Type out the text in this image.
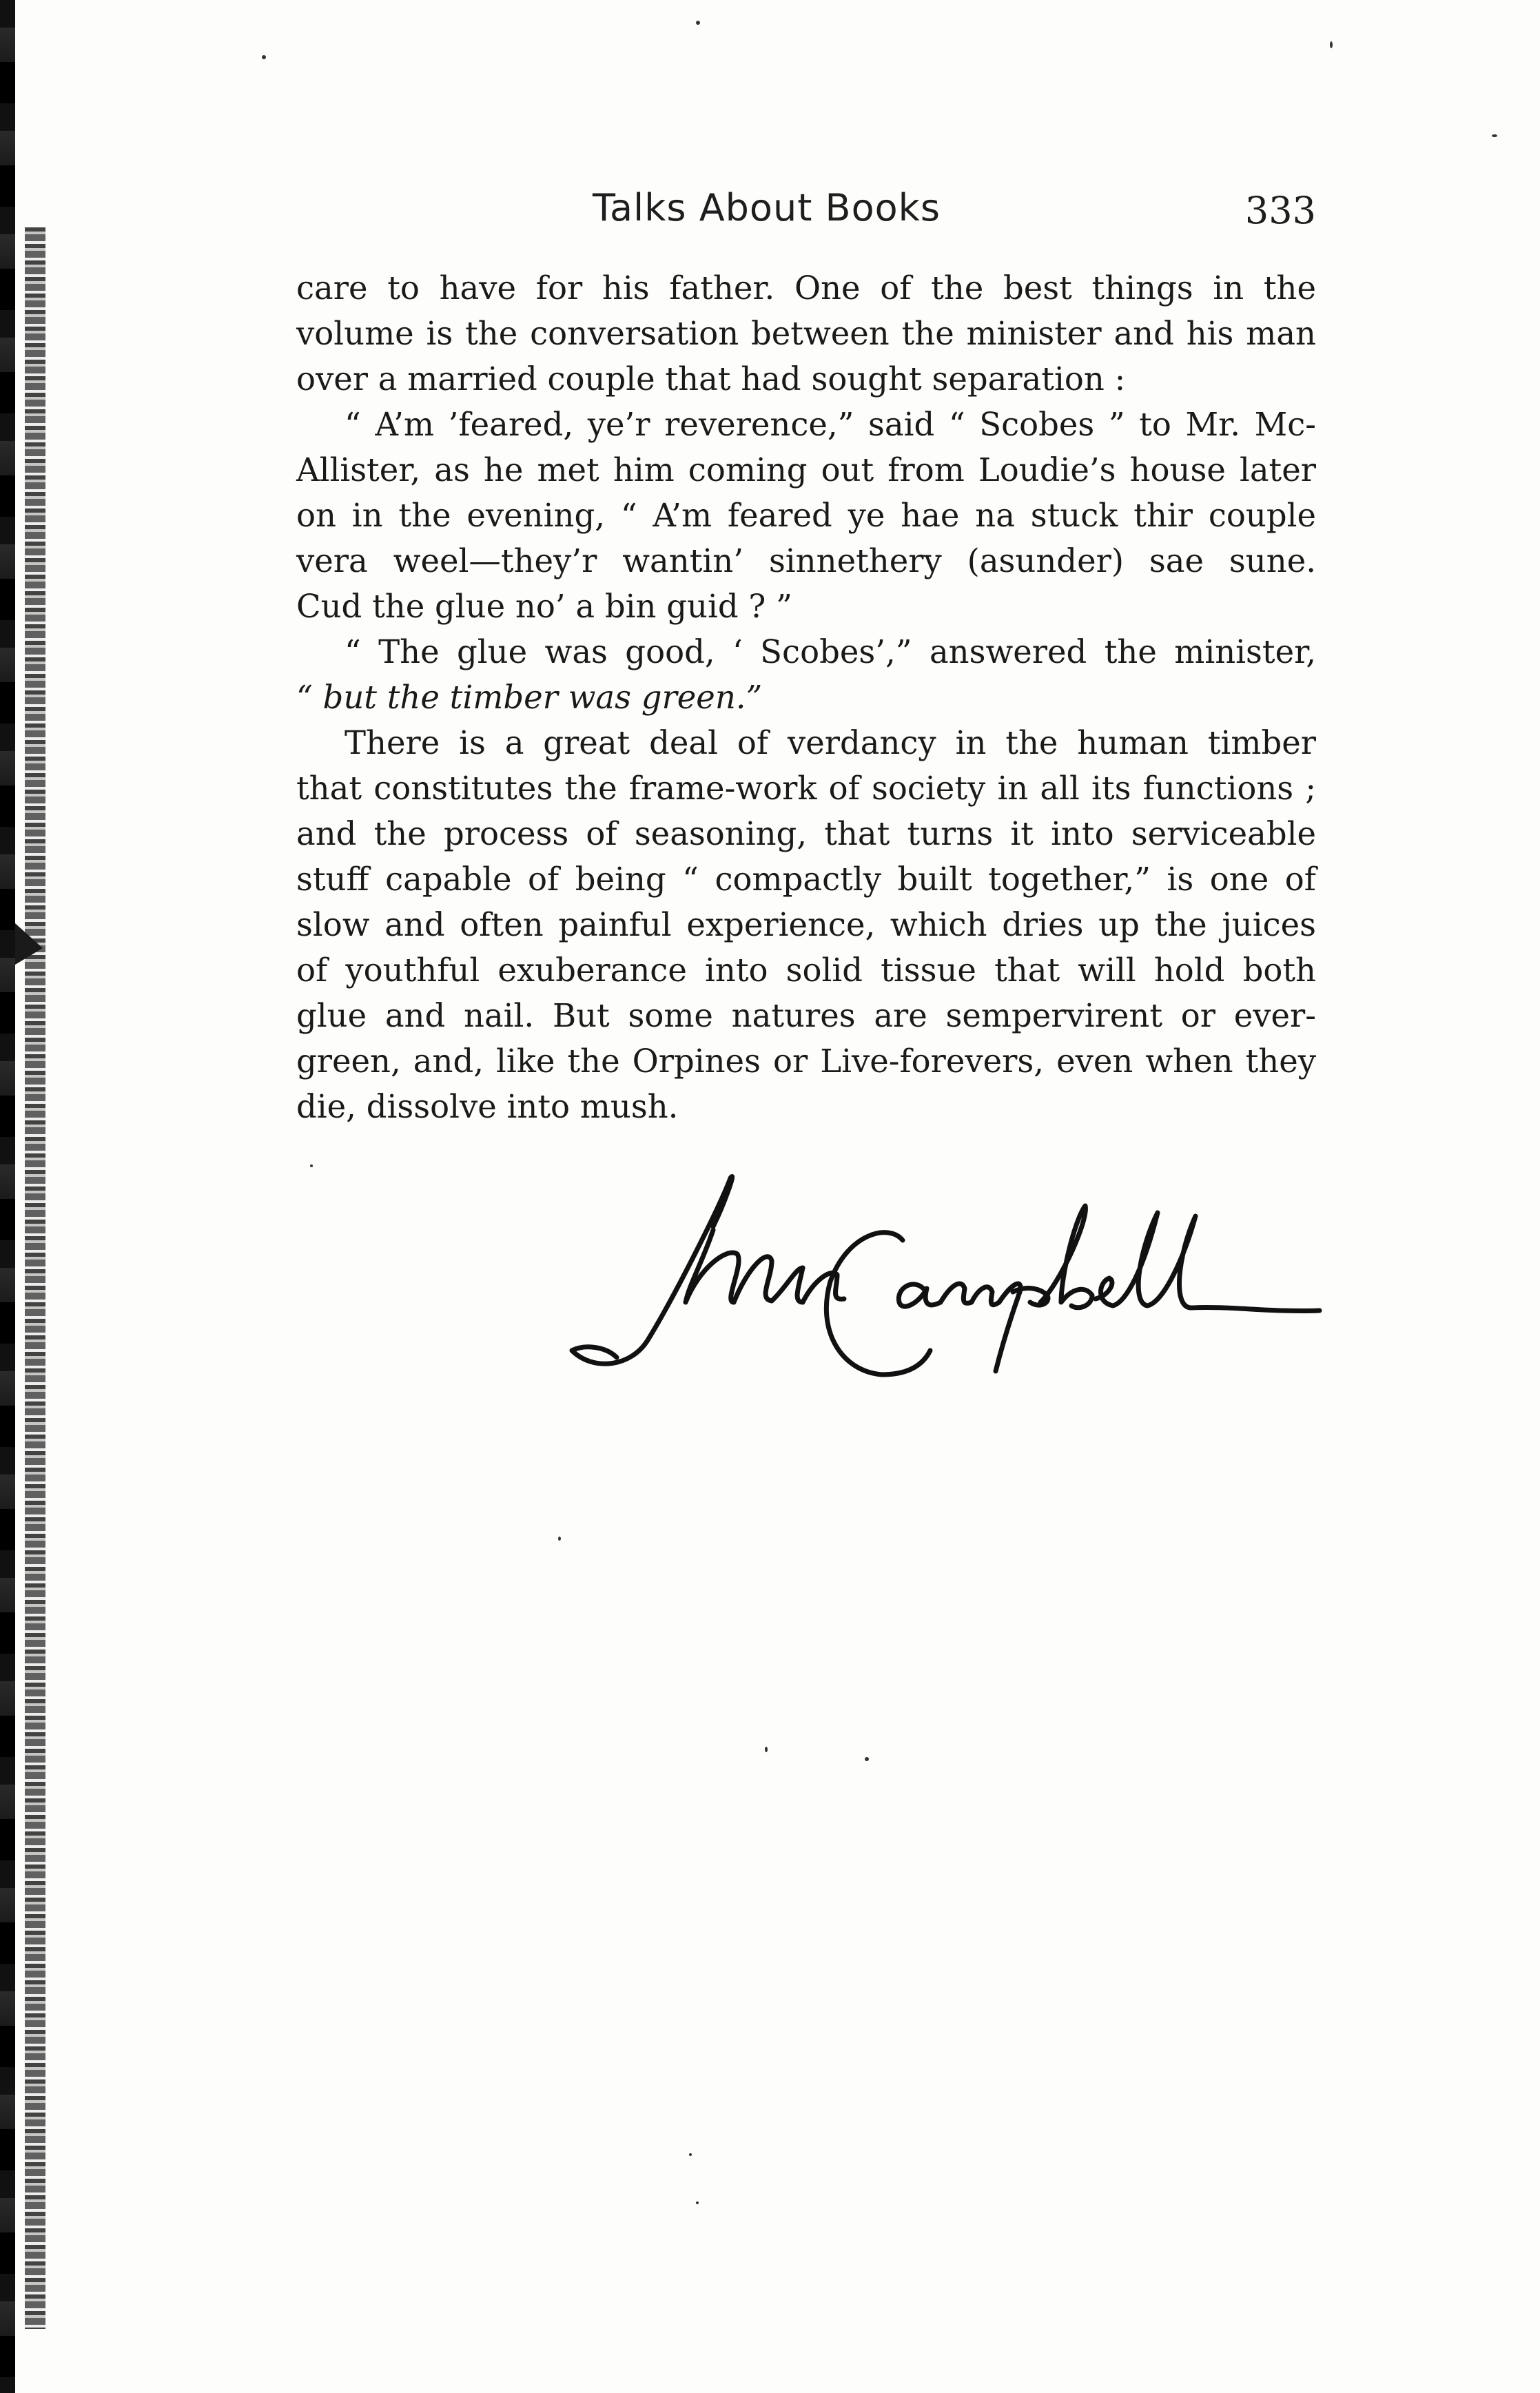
Talks About Books	333
care to have for his father. One of the best things in the
volume is the conversation between the minister and his man
over a married couple that had sought separation :
“ A’m ’feared, ye’r reverence,” said “ Scobes ” to Mr. Mc-
Allister, as he met him coming out from Loudie’s house later
on in the evening, “ A’m feared ye hae na stuck thir couple
vera weel—they’r wantin’ sinnethery (asunder) sae sune.
Cud the glue no’ a bin guid ? ”
“ The glue was good, ‘ Scobes’,” answered the minister,
“ but the timber was green.”
There is a great deal of verdancy in the human timber
that constitutes the frame-work of society in all its functions ;
and the process of seasoning, that turns it into serviceable
stuff capable of being “ compactly built together,” is one of
slow and often painful experience, which dries up the juices
of youthful exuberance into solid tissue that will hold both
glue and nail. But some natures are sempervirent or ever-
green, and, like the Orpines or Live-forevers, even when they
die, dissolve into mush.
